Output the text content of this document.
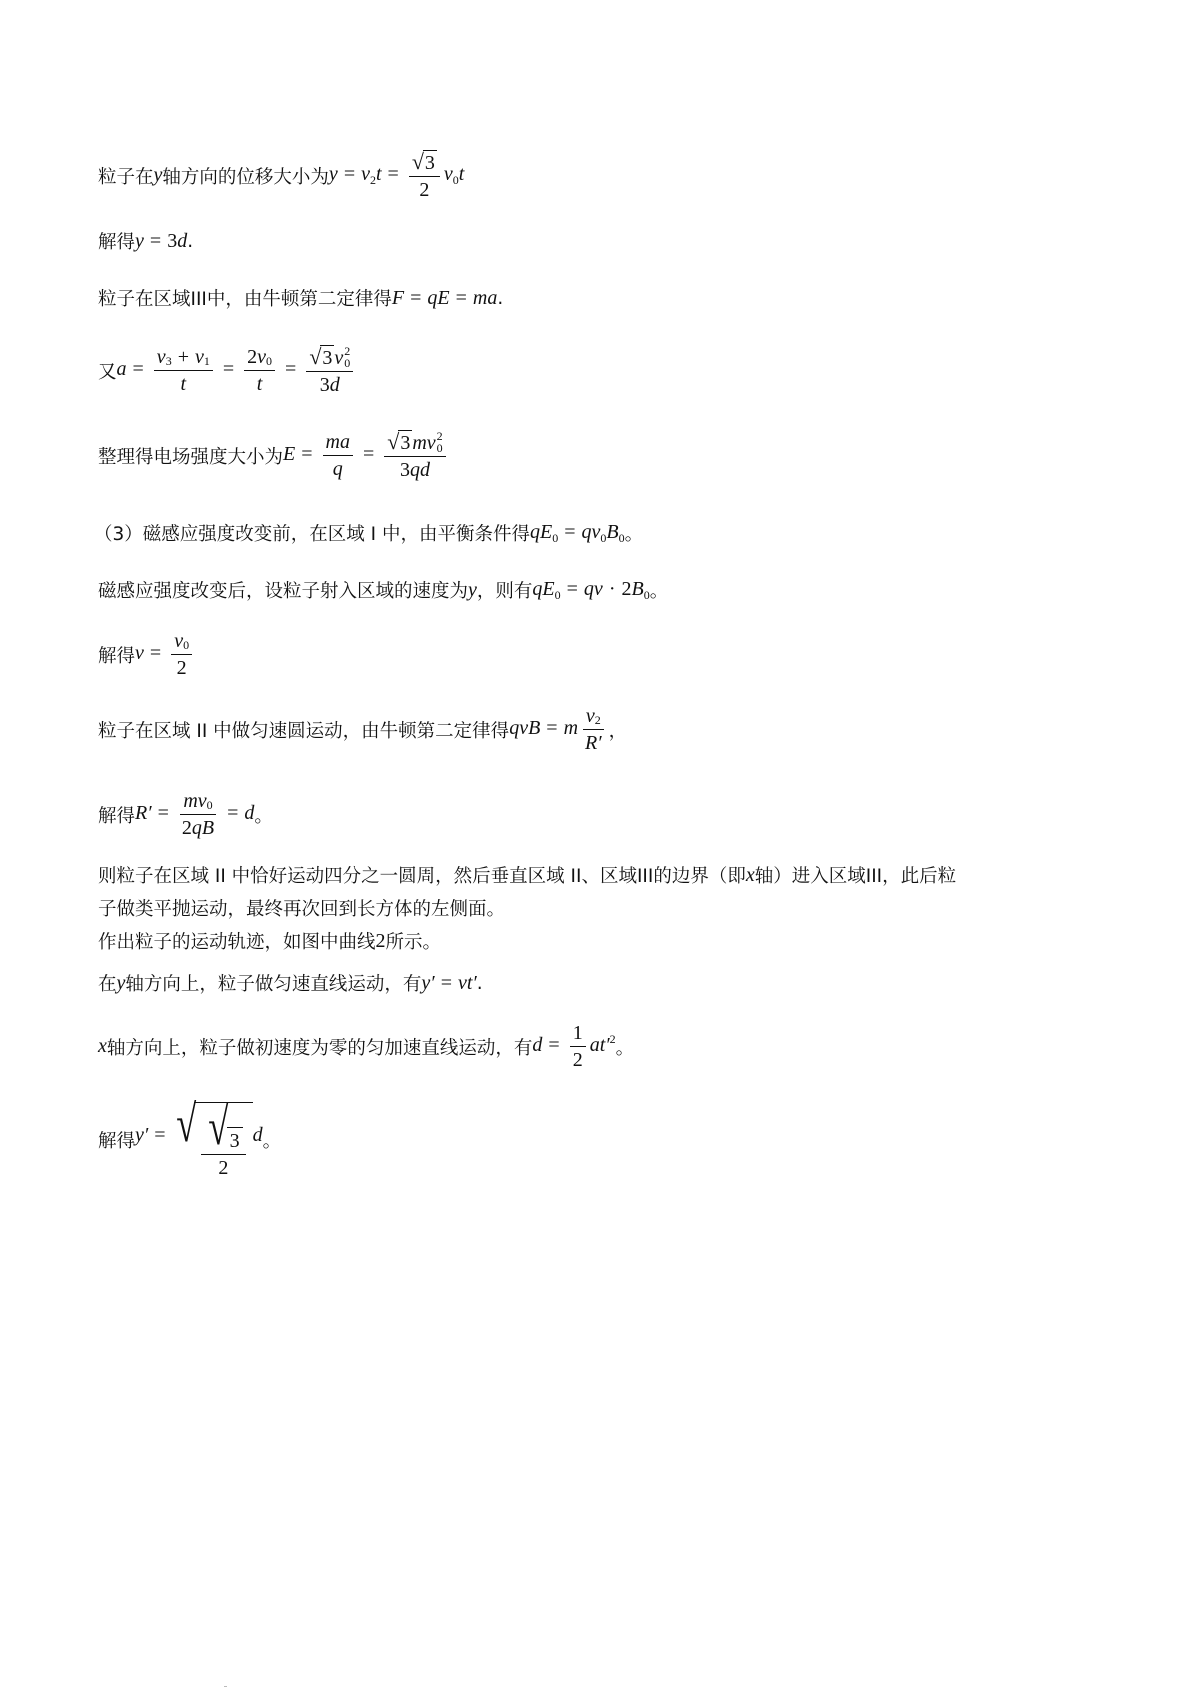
粒子在 y 轴方向的位移大小为 $y = v_2t = \frac{√ 3}{2} v_0t$
解得 y = 3d .
粒子在区域III中，由牛顿第二定律得 F = qE = ma .
又 $a = \frac{v 3 + v_1}{t} = \frac{2 v_0}{t}$ = √ 3 v 2
0
3d
整理得电场强度大小为 $E = \frac{ma}{q}$ = √ 3 mv 2
0
3qd
（3）磁感应强度改变前，在区域 I 中，由平衡条件得 $qE_0 = qv_0B_0$ 。
磁感应强度改变后，设粒子射入区域的速度为 y ，则有 $qE_0$ = qv · $2B_0$ 。
解得 $v = \frac{v 0}{2}$
粒子在区域 II 中做匀速圆运动，由牛顿第二定律得 qvB = m $\frac{v 2}{R'}$ ，
解得 $R' = \frac{mv 0}{2qB} = d$ 。
则粒子在区域 II 中恰好运动四分之一圆周，然后垂直区域 II、区域III的边界（即 x 轴）进入区域III，此后粒
子做类平抛运动，最终再次回到长方体的左侧面。
作出粒子的运动轨迹，如图中曲线 2 所示。
在 y 轴方向上，粒子做匀速直线运动，有 y′ = vt′ .
x 轴方向上，粒子做初速度为零的匀加速直线运动，有 $d = \frac{1}{2} at'^2$ 。
解得 y′ = √ $\frac{√ 3}{2}$ d 。
